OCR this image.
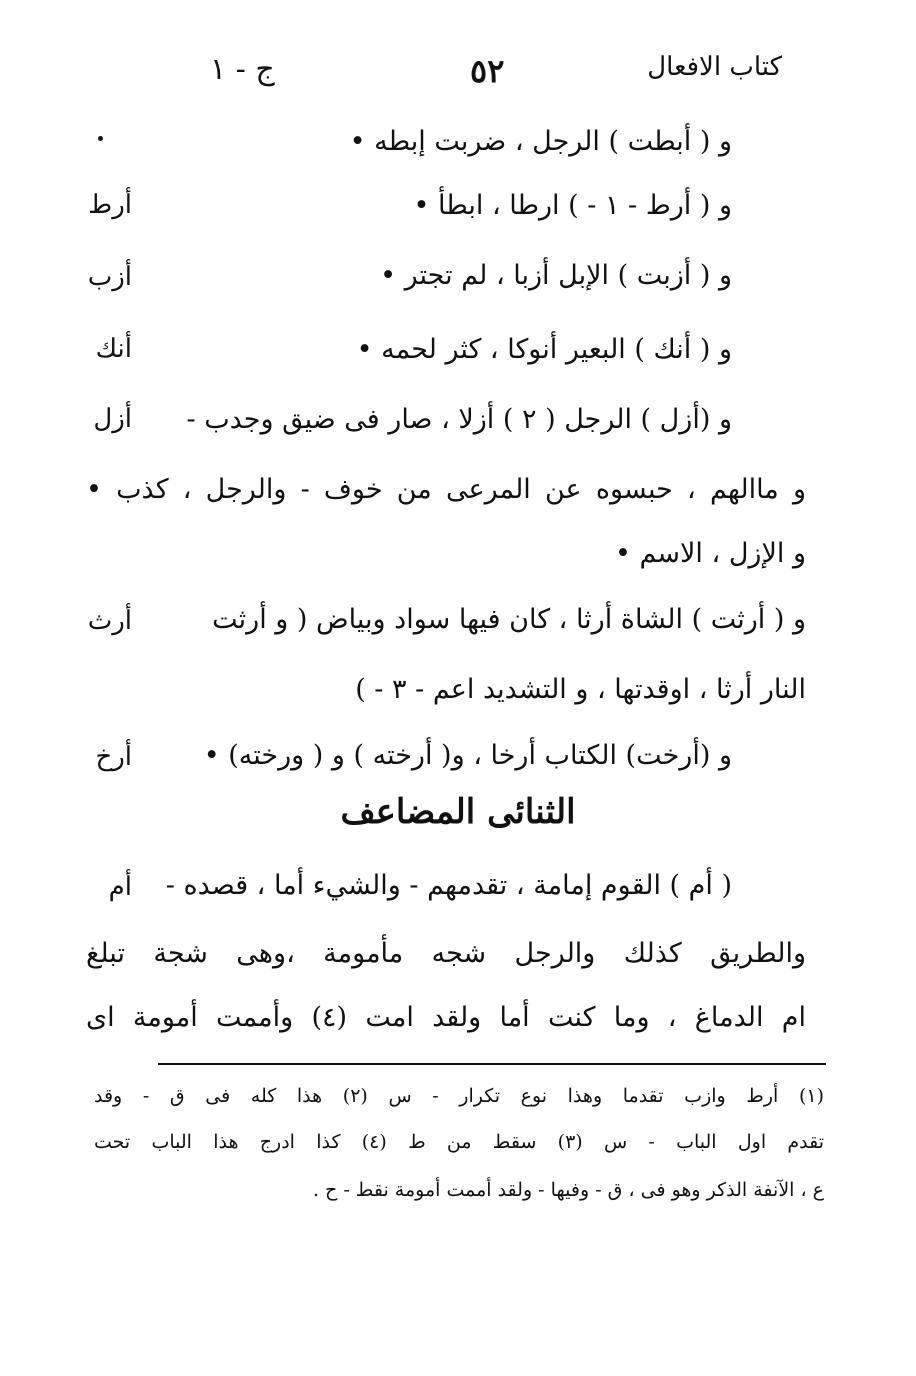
كتاب الافعال
٥٢
ج - ١
و ( أبطت ) الرجل ، ضربت إبطه •
أرط	و ( أرط - ١ - ) ارطا ، ابطأ •
أزب	و ( أزبت ) الإبل أزبا ، لم تجتر •
أنك	و ( أنك ) البعير أنوكا ، كثر لحمه •
أزل	و (أزل ) الرجل ( ٢ ) أزلا ، صار فى ضيق وجدب -
و ماالهم ، حبسوه عن المرعى من خوف - والرجل ، كذب •
و الإزل ، الاسم •
أرث	و ( أرثت ) الشاة أرثا ، كان فيها سواد وبياض ( و أرثت
النار أرثا ، اوقدتها ، و التشديد اعم - ٣ - )
أرخ	و (أرخت) الكتاب أرخا ، و( أرخته ) و ( ورخته) •
الثنائى المضاعف
أم	( أم ) القوم إمامة ، تقدمهم - والشيء أما ، قصده -
والطريق كذلك والرجل شجه مأمومة ،وهى شجة تبلغ
ام الدماغ ، وما كنت أما ولقد امت (٤) وأممت أمومة اى
(١) أرط وازب تقدما وهذا نوع تكرار - س (٢) هذا كله فى ق - وقد
تقدم اول الباب - س (٣) سقط من ط (٤) كذا ادرج هذا الباب تحت
ع ، الآنفة الذكر وهو فى ، ق - وفيها - ولقد أممت أمومة نقط - ح .
